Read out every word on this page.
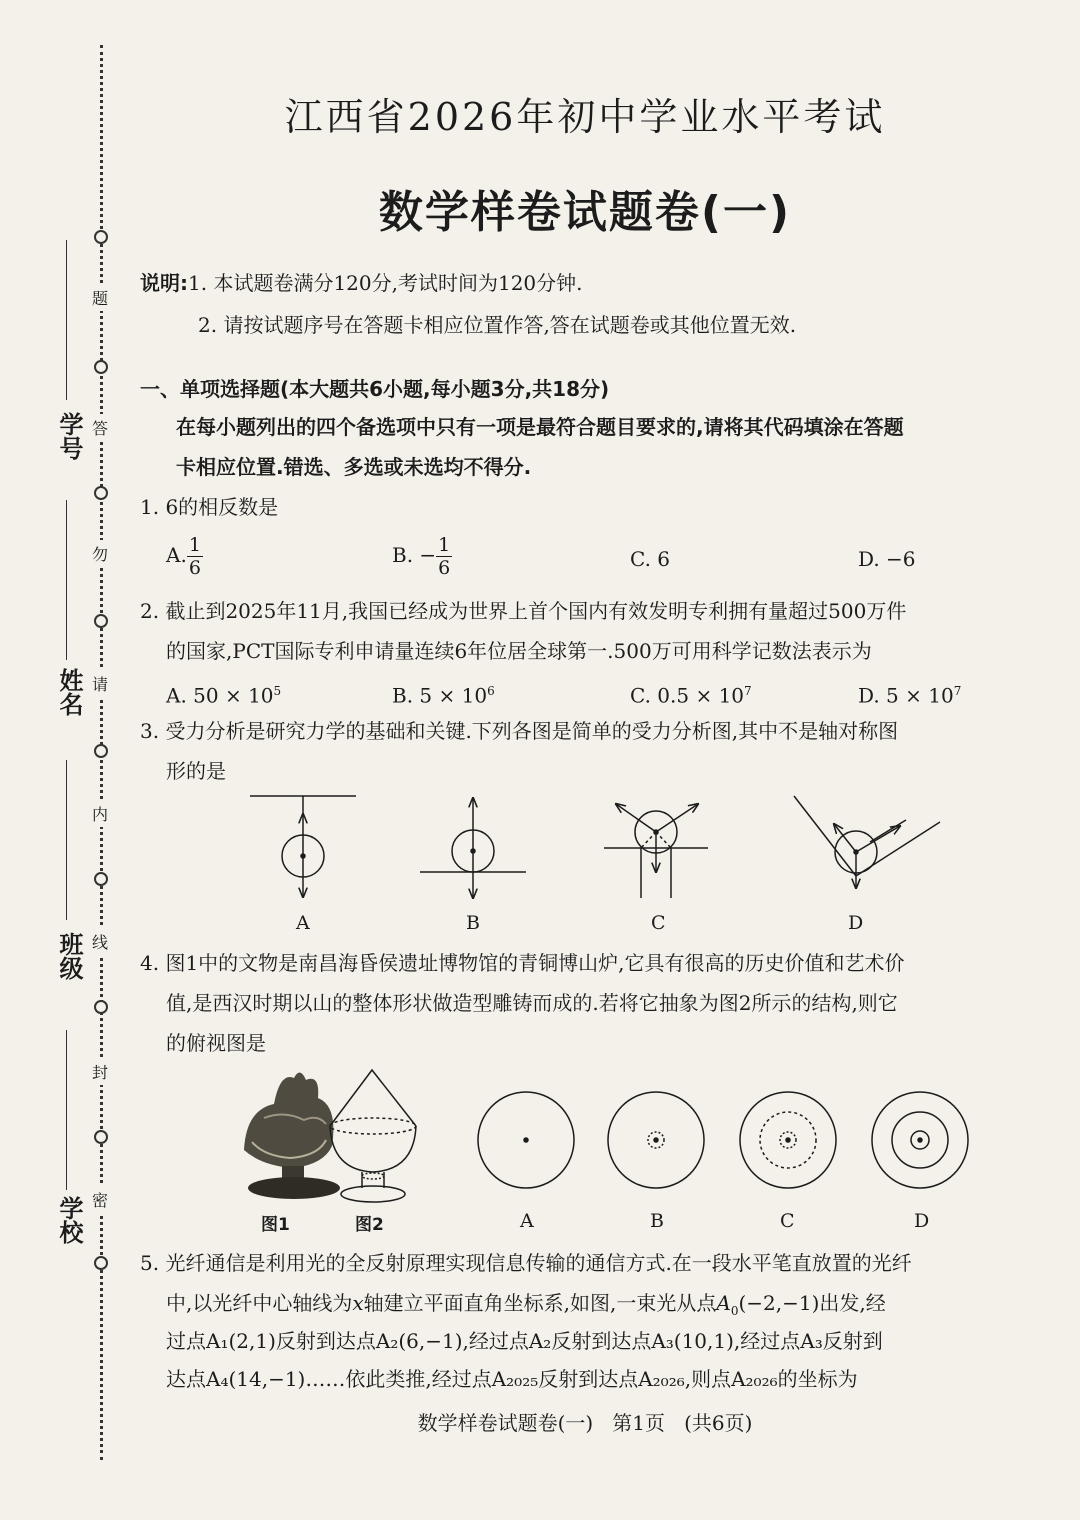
学号
姓名
班级
学校
题
答
勿
请
内
线
封
密
江西省2026年初中学业水平考试
数学样卷试题卷(一)
说明:1. 本试题卷满分120分,考试时间为120分钟.
2. 请按试题序号在答题卡相应位置作答,答在试题卷或其他位置无效.
一、单项选择题(本大题共6小题,每小题3分,共18分)
在每小题列出的四个备选项中只有一项是最符合题目要求的,请将其代码填涂在答题
卡相应位置.错选、多选或未选均不得分.
1. 6的相反数是
A. $\frac{1}{6}$	B. − $\frac{1}{6}$	C. 6	D. −6
2. 截止到2025年11月,我国已经成为世界上首个国内有效发明专利拥有量超过500万件
的国家,PCT国际专利申请量连续6年位居全球第一.500万可用科学记数法表示为
A. $50 \times 10^5$	B. $5 \times 10^6$	C. $0.5 \times 10^7$	D. $5 \times 10^7$
3. 受力分析是研究力学的基础和关键.下列各图是简单的受力分析图,其中不是轴对称图
形的是
A	B	C	D
4. 图1中的文物是南昌海昏侯遗址博物馆的青铜博山炉,它具有很高的历史价值和艺术价
值,是西汉时期以山的整体形状做造型雕铸而成的.若将它抽象为图2所示的结构,则它
的俯视图是
图1	图2	A	B	C	D
5. 光纤通信是利用光的全反射原理实现信息传输的通信方式.在一段水平笔直放置的光纤
中,以光纤中心轴线为x轴建立平面直角坐标系,如图,一束光从点$A_0(-2,-1)$出发,经
过点A₁(2,1)反射到达点A₂(6,−1),经过点A₂反射到达点A₃(10,1),经过点A₃反射到
达点A₄(14,−1)……依此类推,经过点A₂₀₂₅反射到达点A₂₀₂₆,则点A₂₀₂₆的坐标为
数学样卷试题卷(一)   第1页   (共6页)
